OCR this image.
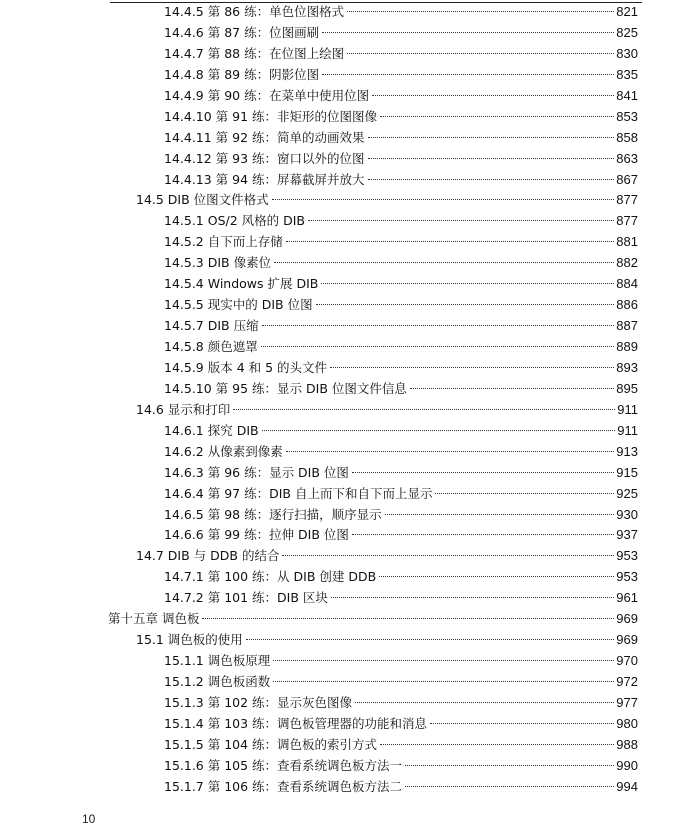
14.4.5 第 86 练：单色位图格式	821
14.4.6 第 87 练：位图画刷	825
14.4.7 第 88 练：在位图上绘图	830
14.4.8 第 89 练：阴影位图	835
14.4.9 第 90 练：在菜单中使用位图	841
14.4.10 第 91 练：非矩形的位图图像	853
14.4.11 第 92 练：简单的动画效果	858
14.4.12 第 93 练：窗口以外的位图	863
14.4.13 第 94 练：屏幕截屏并放大	867
14.5 DIB 位图文件格式	877
14.5.1 OS/2 风格的 DIB	877
14.5.2 自下而上存储	881
14.5.3 DIB 像素位	882
14.5.4 Windows 扩展 DIB	884
14.5.5 现实中的 DIB 位图	886
14.5.7 DIB 压缩	887
14.5.8 颜色遮罩	889
14.5.9 版本 4 和 5 的头文件	893
14.5.10 第 95 练：显示 DIB 位图文件信息	895
14.6 显示和打印	911
14.6.1 探究 DIB	911
14.6.2 从像素到像素	913
14.6.3 第 96 练：显示 DIB 位图	915
14.6.4 第 97 练：DIB 自上而下和自下而上显示	925
14.6.5 第 98 练：逐行扫描，顺序显示	930
14.6.6 第 99 练：拉伸 DIB 位图	937
14.7 DIB 与 DDB 的结合	953
14.7.1 第 100 练：从 DIB 创建 DDB	953
14.7.2 第 101 练：DIB 区块	961
第十五章 调色板	969
15.1 调色板的使用	969
15.1.1 调色板原理	970
15.1.2 调色板函数	972
15.1.3 第 102 练：显示灰色图像	977
15.1.4 第 103 练：调色板管理器的功能和消息	980
15.1.5 第 104 练：调色板的索引方式	988
15.1.6 第 105 练：查看系统调色板方法一	990
15.1.7 第 106 练：查看系统调色板方法二	994
10
